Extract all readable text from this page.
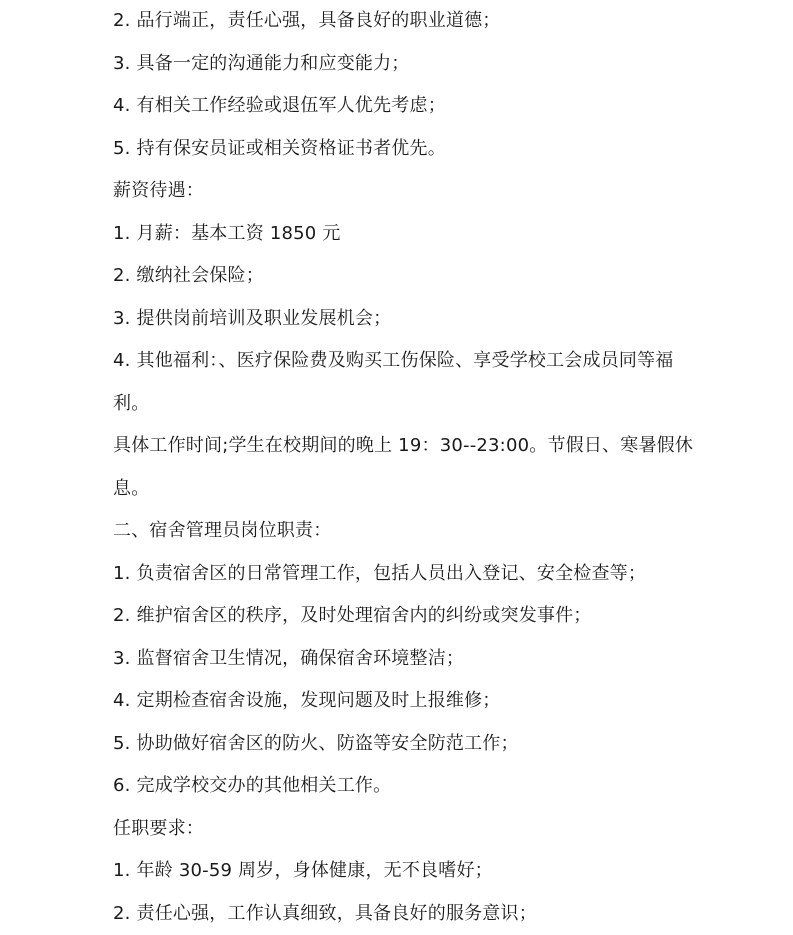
2. 品行端正，责任心强，具备良好的职业道德；
3. 具备一定的沟通能力和应变能力；
4. 有相关工作经验或退伍军人优先考虑；
5. 持有保安员证或相关资格证书者优先。
薪资待遇：
1. 月薪：基本工资 1850 元
2. 缴纳社会保险；
3. 提供岗前培训及职业发展机会；
4. 其他福利：、医疗保险费及购买工伤保险、享受学校工会成员同等福
利。
具体工作时间;学生在校期间的晚上 19：30--23:00。节假日、寒暑假休
息。
二、宿舍管理员岗位职责：
1. 负责宿舍区的日常管理工作，包括人员出入登记、安全检查等；
2. 维护宿舍区的秩序，及时处理宿舍内的纠纷或突发事件；
3. 监督宿舍卫生情况，确保宿舍环境整洁；
4. 定期检查宿舍设施，发现问题及时上报维修；
5. 协助做好宿舍区的防火、防盗等安全防范工作；
6. 完成学校交办的其他相关工作。
任职要求：
1. 年龄 30-59 周岁，身体健康，无不良嗜好；
2. 责任心强，工作认真细致，具备良好的服务意识；
